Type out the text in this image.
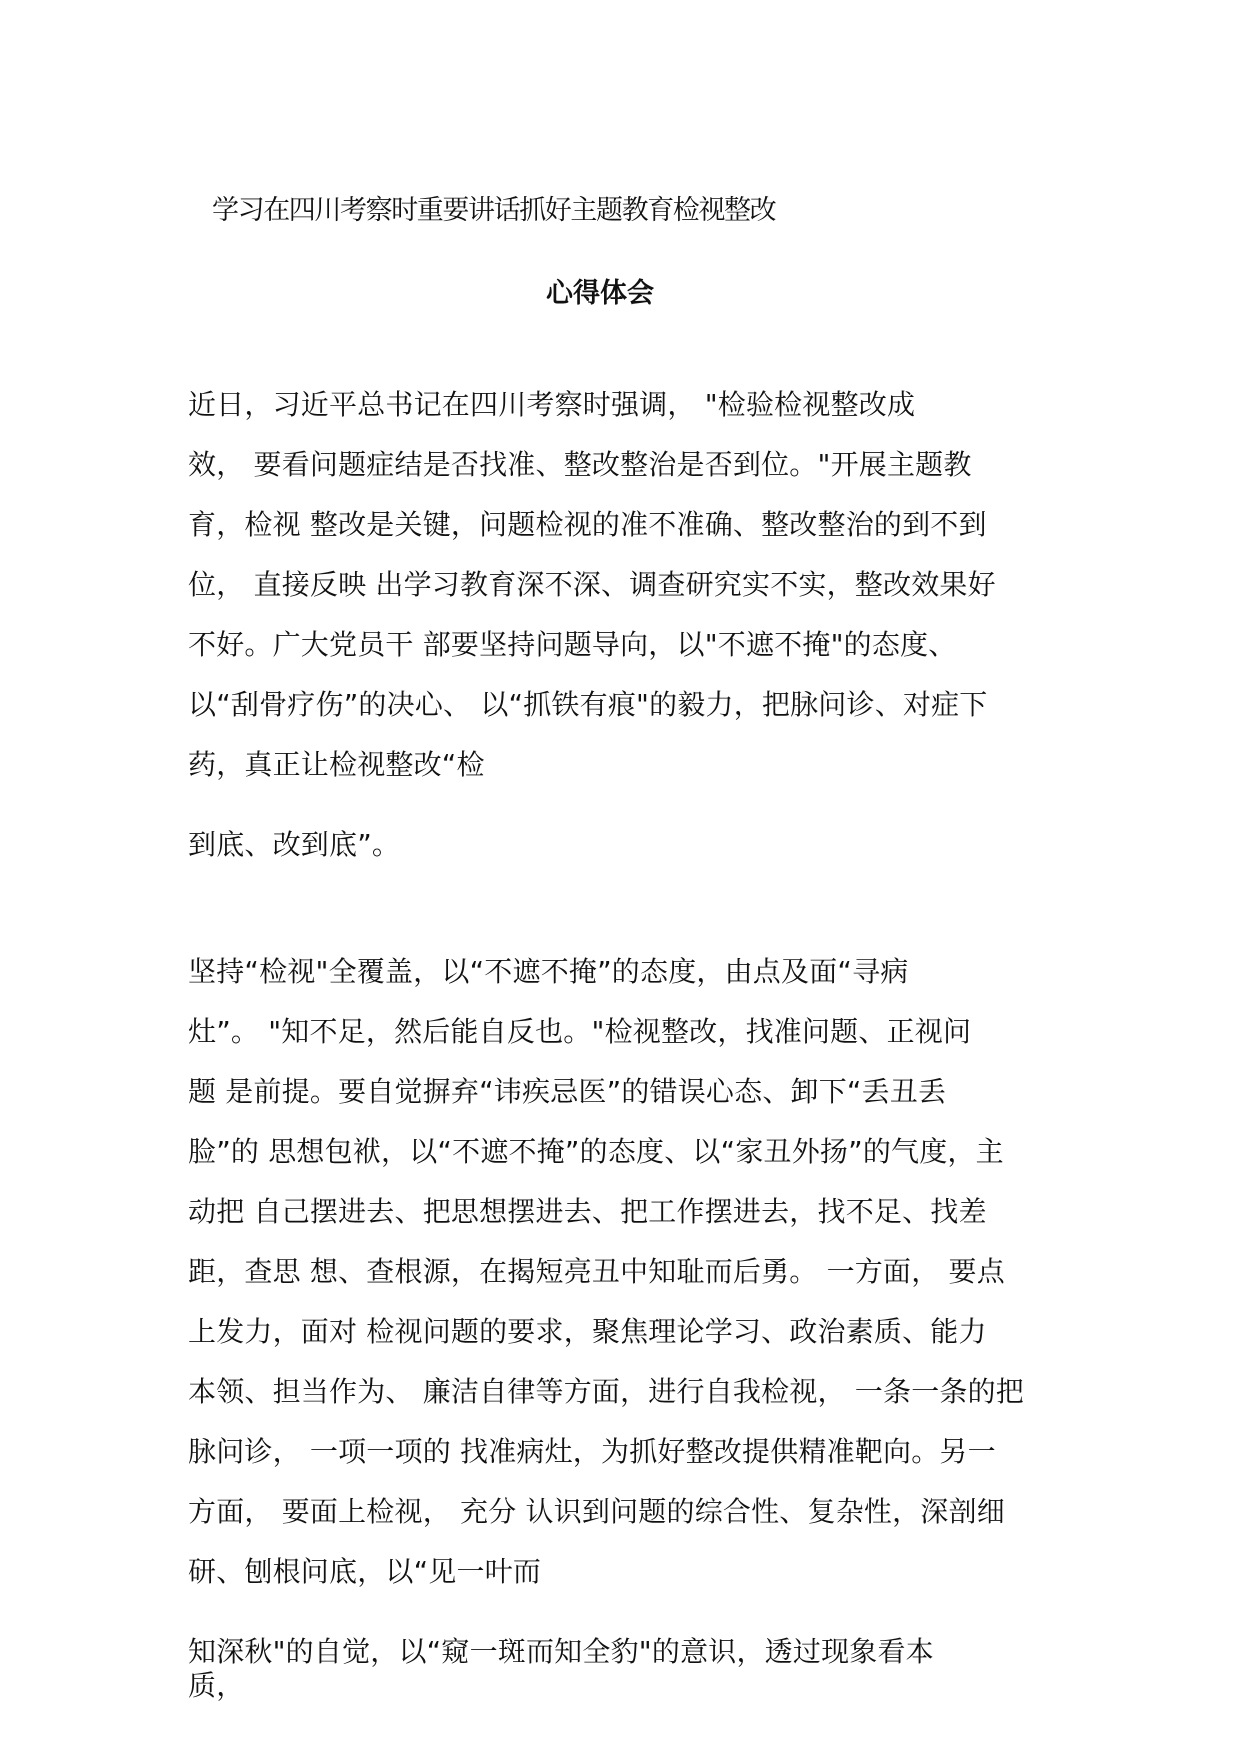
学习在四川考察时重要讲话抓好主题教育检视整改
心得体会
近日，习近平总书记在四川考察时强调， "检验检视整改成
效， 要看问题症结是否找准、整改整治是否到位。"开展主题教
育，检视 整改是关键，问题检视的准不准确、整改整治的到不到
位， 直接反映 出学习教育深不深、调查研究实不实，整改效果好
不好。广大党员干 部要坚持问题导向，以"不遮不掩"的态度、
以“刮骨疗伤”的决心、 以“抓铁有痕"的毅力，把脉问诊、对症下
药，真正让检视整改“检
到底、改到底”。
坚持“检视"全覆盖，以“不遮不掩”的态度，由点及面“寻病
灶”。 "知不足，然后能自反也。"检视整改，找准问题、正视问
题 是前提。要自觉摒弃“讳疾忌医”的错误心态、卸下“丢丑丢
脸”的 思想包袱，以“不遮不掩”的态度、以“家丑外扬”的气度，主
动把 自己摆进去、把思想摆进去、把工作摆进去，找不足、找差
距，查思 想、查根源，在揭短亮丑中知耻而后勇。 一方面， 要点
上发力，面对 检视问题的要求，聚焦理论学习、政治素质、能力
本领、担当作为、 廉洁自律等方面，进行自我检视， 一条一条的把
脉问诊， 一项一项的 找准病灶，为抓好整改提供精准靶向。另一
方面， 要面上检视， 充分 认识到问题的综合性、复杂性，深剖细
研、刨根问底，以“见一叶而
知深秋"的自觉，以“窥一斑而知全豹"的意识，透过现象看本
质，
